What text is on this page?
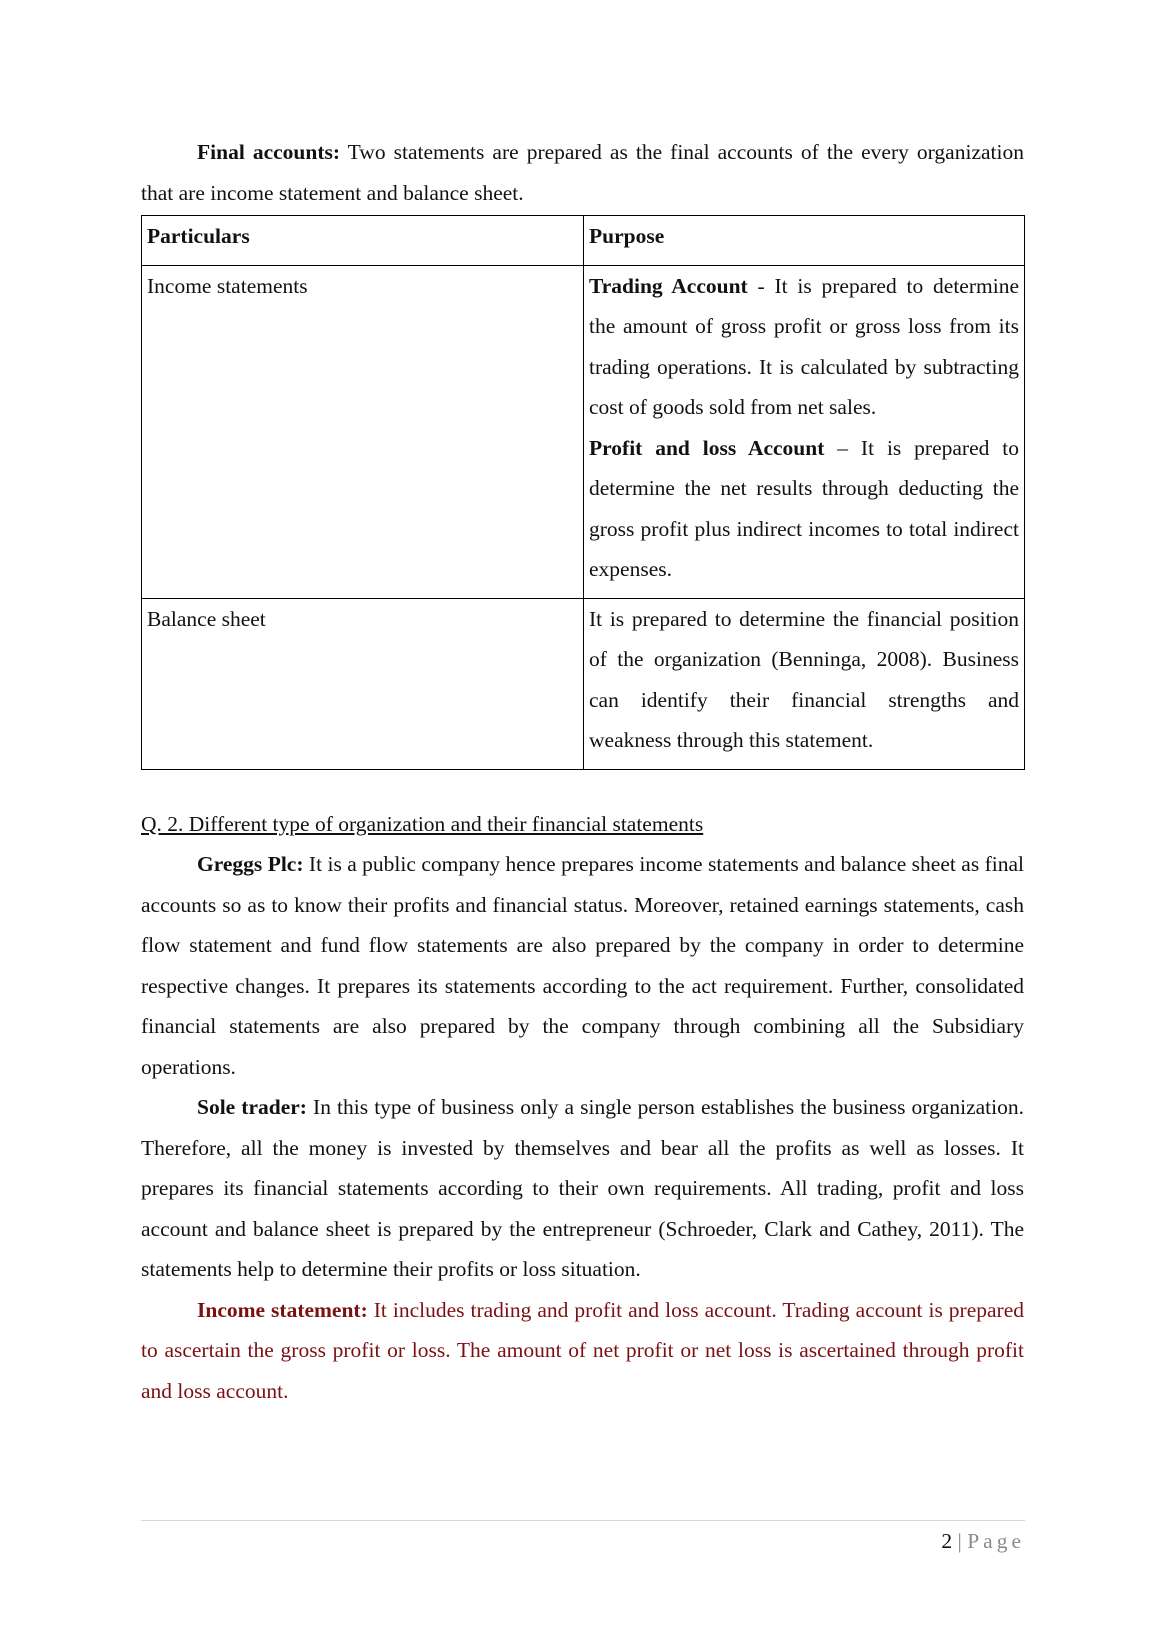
Final accounts: Two statements are prepared as the final accounts of the every organization that are income statement and balance sheet.

Particulars	Purpose
Income statements	Trading Account - It is prepared to determine the amount of gross profit or gross loss from its trading operations. It is calculated by subtracting cost of goods sold from net sales.
Profit and loss Account – It is prepared to determine the net results through deducting the gross profit plus indirect incomes to total indirect expenses.

Balance sheet	It is prepared to determine the financial position of the organization (Benninga, 2008). Business can identify their financial strengths and weakness through this statement.

Q. 2. Different type of organization and their financial statements

Greggs Plc: It is a public company hence prepares income statements and balance sheet as final accounts so as to know their profits and financial status. Moreover, retained earnings statements, cash flow statement and fund flow statements are also prepared by the company in order to determine respective changes. It prepares its statements according to the act requirement. Further, consolidated financial statements are also prepared by the company through combining all the Subsidiary operations.

Sole trader: In this type of business only a single person establishes the business organization. Therefore, all the money is invested by themselves and bear all the profits as well as losses. It prepares its financial statements according to their own requirements. All trading, profit and loss account and balance sheet is prepared by the entrepreneur (Schroeder, Clark and Cathey, 2011). The statements help to determine their profits or loss situation.

Income statement: It includes trading and profit and loss account. Trading account is prepared to ascertain the gross profit or loss. The amount of net profit or net loss is ascertained through profit and loss account.

2 | Page
